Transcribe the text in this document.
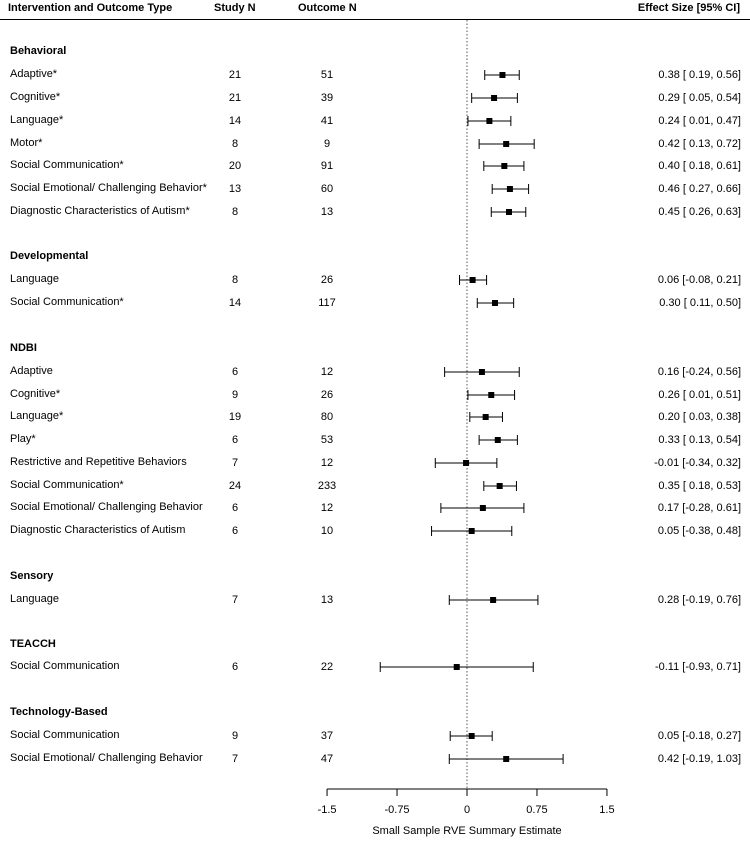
Intervention and Outcome Type	Study N	Outcome N	Effect Size [95% CI]
Behavioral
Adaptive*	21	51	0.38 [ 0.19, 0.56]
Cognitive*	21	39	0.29 [ 0.05, 0.54]
Language*	14	41	0.24 [ 0.01, 0.47]
Motor*	8	9	0.42 [ 0.13, 0.72]
Social Communication*	20	91	0.40 [ 0.18, 0.61]
Social Emotional/ Challenging Behavior* 13	60	0.46 [ 0.27, 0.66]
Diagnostic Characteristics of Autism*	8	13	0.45 [ 0.26, 0.63]
Developmental
Language	8	26	0.06 [-0.08, 0.21]
Social Communication*	14	117	0.30 [ 0.11, 0.50]
NDBI
Adaptive	6	12	0.16 [-0.24, 0.56]
Cognitive*	9	26	0.26 [ 0.01, 0.51]
Language*	19	80	0.20 [ 0.03, 0.38]
Play*	6	53	0.33 [ 0.13, 0.54]
Restrictive and Repetitive Behaviors	7	12	-0.01 [-0.34, 0.32]
Social Communication*	24	233	0.35 [ 0.18, 0.53]
Social Emotional/ Challenging Behavior	6	12	0.17 [-0.28, 0.61]
Diagnostic Characteristics of Autism	6	10	0.05 [-0.38, 0.48]
Sensory
Language	7	13	0.28 [-0.19, 0.76]
TEACCH
Social Communication	6	22	-0.11 [-0.93, 0.71]
Technology-Based
Social Communication	9	37	0.05 [-0.18, 0.27]
Social Emotional/ Challenging Behavior	7	47	0.42 [-0.19, 1.03]
-1.5	-0.75	0	0.75	1.5
Small Sample RVE Summary Estimate
